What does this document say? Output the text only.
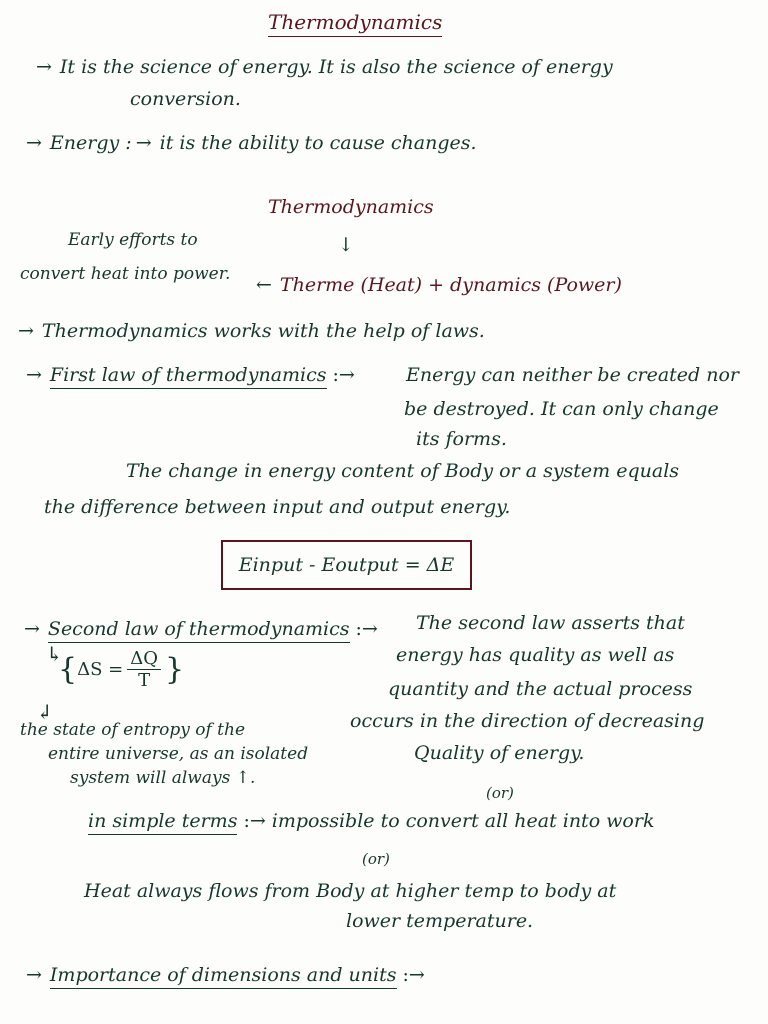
Thermodynamics
→ It is the science of energy. It is also the science of energy
conversion.
→ Energy : → it is the ability to cause changes.
Thermodynamics
↓
Early efforts to
convert heat into power. ← Therme (Heat) + dynamics (Power)
→ Thermodynamics works with the help of laws.
→ First law of thermodynamics :→	Energy can neither be created nor
be destroyed. It can only change
its forms.
The change in energy content of Body or a system equals
the difference between input and output energy.
Einput - Eoutput = ΔE
→ Second law of thermodynamics :→ The second law asserts that
energy has quality as well as
quantity and the actual process
occurs in the direction of decreasing
Quality of energy.
↳
↲
{ $\Delta S = \frac{\Delta Q}{T}$ }
the state of entropy of the
entire universe, as an isolated
system will always ↑.
(or)
in simple terms :→ impossible to convert all heat into work
(or)
Heat always flows from Body at higher temp to body at
lower temperature.
→ Importance of dimensions and units :→
